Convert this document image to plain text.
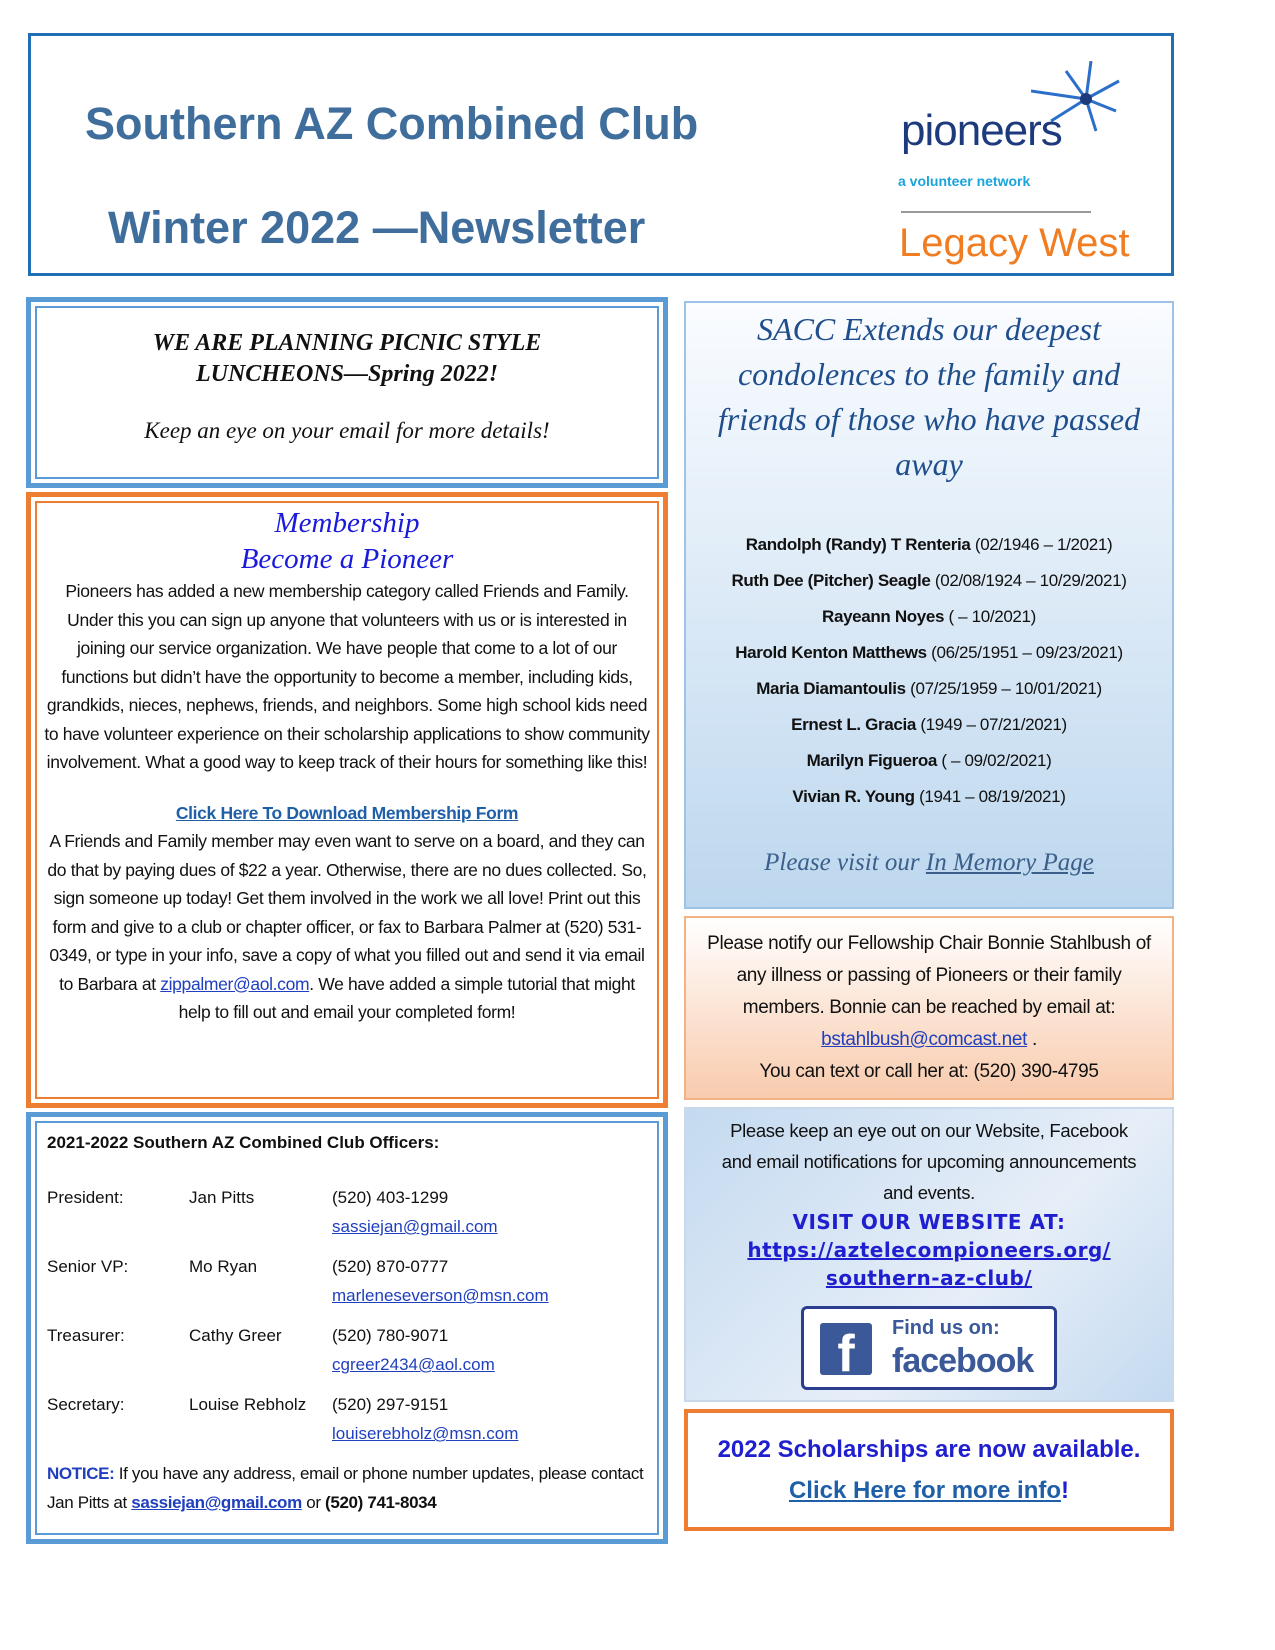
Southern AZ Combined Club
Winter 2022 —Newsletter
pioneers
a volunteer network
Legacy West
WE ARE PLANNING PICNIC STYLE
LUNCHEONS—Spring 2022!
Keep an eye on your email for more details!
Membership
Become a Pioneer
Pioneers has added a new membership category called Friends and Family. Under this you can sign up anyone that volunteers with us or is interested in joining our service organization. We have people that come to a lot of our functions but didn’t have the opportunity to become a member, including kids, grandkids, nieces, nephews, friends, and neighbors. Some high school kids need to have volunteer experience on their scholarship applications to show community involvement. What a good way to keep track of their hours for something like this!
Click Here To Download Membership Form
A Friends and Family member may even want to serve on a board, and they can do that by paying dues of $22 a year. Otherwise, there are no dues collected. So, sign someone up today! Get them involved in the work we all love! Print out this form and give to a club or chapter officer, or fax to Barbara Palmer at (520) 531-0349, or type in your info, save a copy of what you filled out and send it via email to Barbara at zippalmer@aol.com. We have added a simple tutorial that might help to fill out and email your completed form!
2021-2022 Southern AZ Combined Club Officers:
President:	Jan Pitts	(520) 403-1299
sassiejan@gmail.com
Senior VP:	Mo Ryan	(520) 870-0777
marleneseverson@msn.com
Treasurer:	Cathy Greer	(520) 780-9071
cgreer2434@aol.com
Secretary:	Louise Rebholz	(520) 297-9151
louiserebholz@msn.com
NOTICE: If you have any address, email or phone number updates, please contact Jan Pitts at sassiejan@gmail.com or (520) 741-8034
SACC Extends our deepest condolences to the family and friends of those who have passed away
Randolph (Randy) T Renteria (02/1946 – 1/2021)
Ruth Dee (Pitcher) Seagle (02/08/1924 – 10/29/2021)
Rayeann Noyes ( – 10/2021)
Harold Kenton Matthews (06/25/1951 – 09/23/2021)
Maria Diamantoulis (07/25/1959 – 10/01/2021)
Ernest L. Gracia (1949 – 07/21/2021)
Marilyn Figueroa ( – 09/02/2021)
Vivian R. Young (1941 – 08/19/2021)
Please visit our In Memory Page
Please notify our Fellowship Chair Bonnie Stahlbush of any illness or passing of Pioneers or their family members. Bonnie can be reached by email at:
bstahlbush@comcast.net .
You can text or call her at: (520) 390-4795
Please keep an eye out on our Website, Facebook and email notifications for upcoming announcements and events.
VISIT OUR WEBSITE AT:
https://aztelecompioneers.org/
southern-az-club/
f	Find us on:
facebook
2022 Scholarships are now available.
Click Here for more info!
